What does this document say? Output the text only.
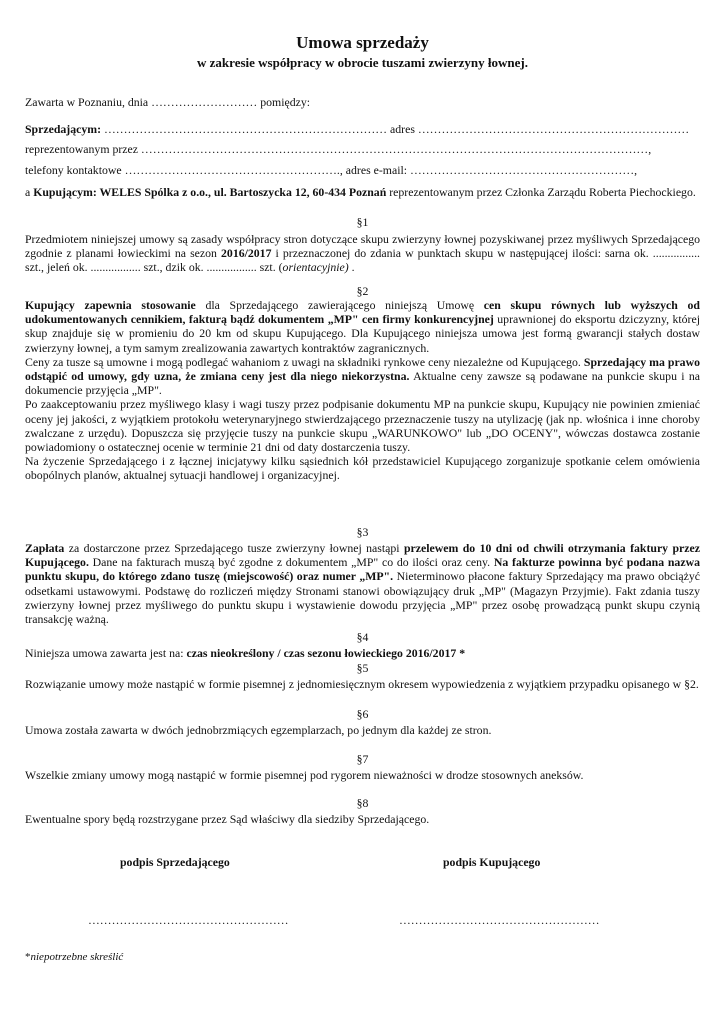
Umowa sprzedaży
w zakresie współpracy w obrocie tuszami zwierzyny łownej.
Zawarta w Poznaniu, dnia ……………………… pomiędzy:
Sprzedającym: ……………………………………………………………… adres ……………………………………………………………
reprezentowanym przez …………………………………………………………………………………………………………………,
telefony kontaktowe ………………………………………………., adres e-mail: …………………………………………………,
a Kupującym: WELES Spólka z o.o., ul. Bartoszycka 12, 60-434 Poznań reprezentowanym przez Członka Zarządu Roberta Piechockiego.
§1
Przedmiotem niniejszej umowy są zasady współpracy stron dotyczące skupu zwierzyny łownej pozyskiwanej przez myśliwych Sprzedającego zgodnie z planami łowieckimi na sezon 2016/2017 i przeznaczonej do zdania w punktach skupu w następującej ilości: sarna ok. ................ szt., jeleń ok. ................. szt., dzik ok. ................. szt. (orientacyjnie) .
§2

Kupujący zapewnia stosowanie dla Sprzedającego zawierającego niniejszą Umowę cen skupu równych lub wyższych od udokumentowanych cennikiem, fakturą bądź dokumentem „MP" cen firmy konkurencyjnej uprawnionej do eksportu dziczyzny, której skup znajduje się w promieniu do 20 km od skupu Kupującego. Dla Kupującego niniejsza umowa jest formą gwarancji stałych dostaw zwierzyny łownej, a tym samym zrealizowania zawartych kontraktów zagranicznych.

Ceny za tusze są umowne i mogą podlegać wahaniom z uwagi na składniki rynkowe ceny niezależne od Kupującego. Sprzedający ma prawo odstąpić od umowy, gdy uzna, że zmiana ceny jest dla niego niekorzystna. Aktualne ceny zawsze są podawane na punkcie skupu i na dokumencie przyjęcia „MP".

Po zaakceptowaniu przez myśliwego klasy i wagi tuszy przez podpisanie dokumentu MP na punkcie skupu, Kupujący nie powinien zmieniać oceny jej jakości, z wyjątkiem protokołu weterynaryjnego stwierdzającego przeznaczenie tuszy na utylizację (jak np. włośnica i inne choroby zwalczane z urzędu). Dopuszcza się przyjęcie tuszy na punkcie skupu „WARUNKOWO" lub „DO OCENY", wówczas dostawca zostanie powiadomiony o ostatecznej ocenie w terminie 21 dni od daty dostarczenia tuszy.

Na życzenie Sprzedającego i z łącznej inicjatywy kilku sąsiednich kół przedstawiciel Kupującego zorganizuje spotkanie celem omówienia obopólnych planów, aktualnej sytuacji handlowej i organizacyjnej.

§3
Zapłata za dostarczone przez Sprzedającego tusze zwierzyny łownej nastąpi przelewem do 10 dni od chwili otrzymania faktury przez Kupującego. Dane na fakturach muszą być zgodne z dokumentem „MP" co do ilości oraz ceny. Na fakturze powinna być podana nazwa punktu skupu, do którego zdano tuszę (miejscowość) oraz numer „MP". Nieterminowo płacone faktury Sprzedający ma prawo obciążyć odsetkami ustawowymi. Podstawę do rozliczeń między Stronami stanowi obowiązujący druk „MP" (Magazyn Przyjmie). Fakt zdania tuszy zwierzyny łownej przez myśliwego do punktu skupu i wystawienie dowodu przyjęcia „MP" przez osobę prowadzącą punkt skupu czynią transakcję ważną.
§4
Niniejsza umowa zawarta jest na: czas nieokreślony / czas sezonu łowieckiego 2016/2017 *
§5
Rozwiązanie umowy może nastąpić w formie pisemnej z jednomiesięcznym okresem wypowiedzenia z wyjątkiem przypadku opisanego w §2.
§6
Umowa została zawarta w dwóch jednobrzmiących egzemplarzach, po jednym dla każdej ze stron.
§7
Wszelkie zmiany umowy mogą nastąpić w formie pisemnej pod rygorem nieważności w drodze stosownych aneksów.
§8
Ewentualne spory będą rozstrzygane przez Sąd właściwy dla siedziby Sprzedającego.
podpis Sprzedającego	podpis Kupującego
……………………………………………	……………………………………………
*niepotrzebne skreślić
